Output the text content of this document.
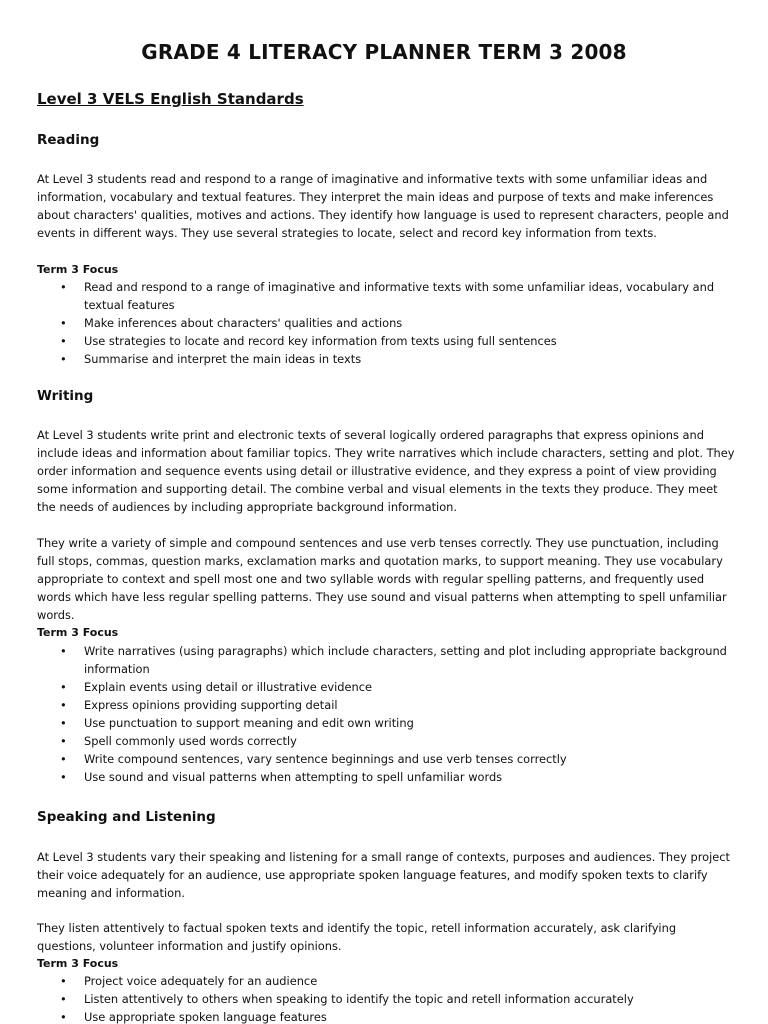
GRADE 4 LITERACY PLANNER TERM 3 2008
Level 3 VELS English Standards
Reading

At Level 3 students read and respond to a range of imaginative and informative texts with some unfamiliar ideas and information, vocabulary and textual features. They interpret the main ideas and purpose of texts and make inferences about characters' qualities, motives and actions. They identify how language is used to represent characters, people and events in different ways. They use several strategies to locate, select and record key information from texts.

Term 3 Focus
• Read and respond to a range of imaginative and informative texts with some unfamiliar ideas, vocabulary and textual features
• Make inferences about characters' qualities and actions
• Use strategies to locate and record key information from texts using full sentences
• Summarise and interpret the main ideas in texts
Writing

At Level 3 students write print and electronic texts of several logically ordered paragraphs that express opinions and include ideas and information about familiar topics. They write narratives which include characters, setting and plot. They order information and sequence events using detail or illustrative evidence, and they express a point of view providing some information and supporting detail. The combine verbal and visual elements in the texts they produce. They meet the needs of audiences by including appropriate background information.

They write a variety of simple and compound sentences and use verb tenses correctly. They use punctuation, including full stops, commas, question marks, exclamation marks and quotation marks, to support meaning. They use vocabulary appropriate to context and spell most one and two syllable words with regular spelling patterns, and frequently used words which have less regular spelling patterns. They use sound and visual patterns when attempting to spell unfamiliar words.

Term 3 Focus
• Write narratives (using paragraphs) which include characters, setting and plot including appropriate background information
• Explain events using detail or illustrative evidence
• Express opinions providing supporting detail
• Use punctuation to support meaning and edit own writing
• Spell commonly used words correctly
• Write compound sentences, vary sentence beginnings and use verb tenses correctly
• Use sound and visual patterns when attempting to spell unfamiliar words
Speaking and Listening

At Level 3 students vary their speaking and listening for a small range of contexts, purposes and audiences. They project their voice adequately for an audience, use appropriate spoken language features, and modify spoken texts to clarify meaning and information.

They listen attentively to factual spoken texts and identify the topic, retell information accurately, ask clarifying questions, volunteer information and justify opinions.

Term 3 Focus
• Project voice adequately for an audience
• Listen attentively to others when speaking to identify the topic and retell information accurately
• Use appropriate spoken language features
